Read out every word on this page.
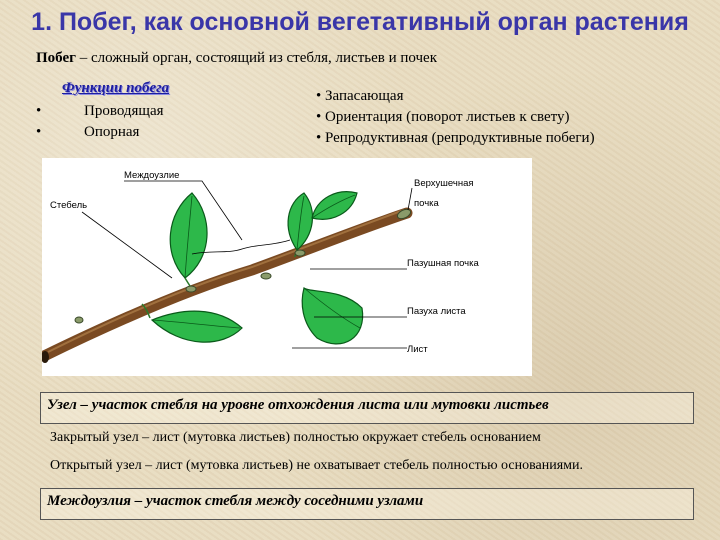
1. Побег, как основной вегетативный орган растения
Побег – сложный орган, состоящий из стебля, листьев и почек
Функции побега
•	Проводящая
•	Опорная
• Запасающая
• Ориентация (поворот листьев к свету)
• Репродуктивная (репродуктивные побеги)
Междоузлие
Стебель
Верхушечная
почка
Пазушная почка
Пазуха листа
Лист
Узел – участок стебля на уровне отхождения листа или мутовки листьев
Закрытый узел – лист (мутовка листьев) полностью окружает стебель основанием
Открытый узел – лист (мутовка листьев) не охватывает стебель полностью основаниями.
Междоузлия – участок стебля между соседними узлами
